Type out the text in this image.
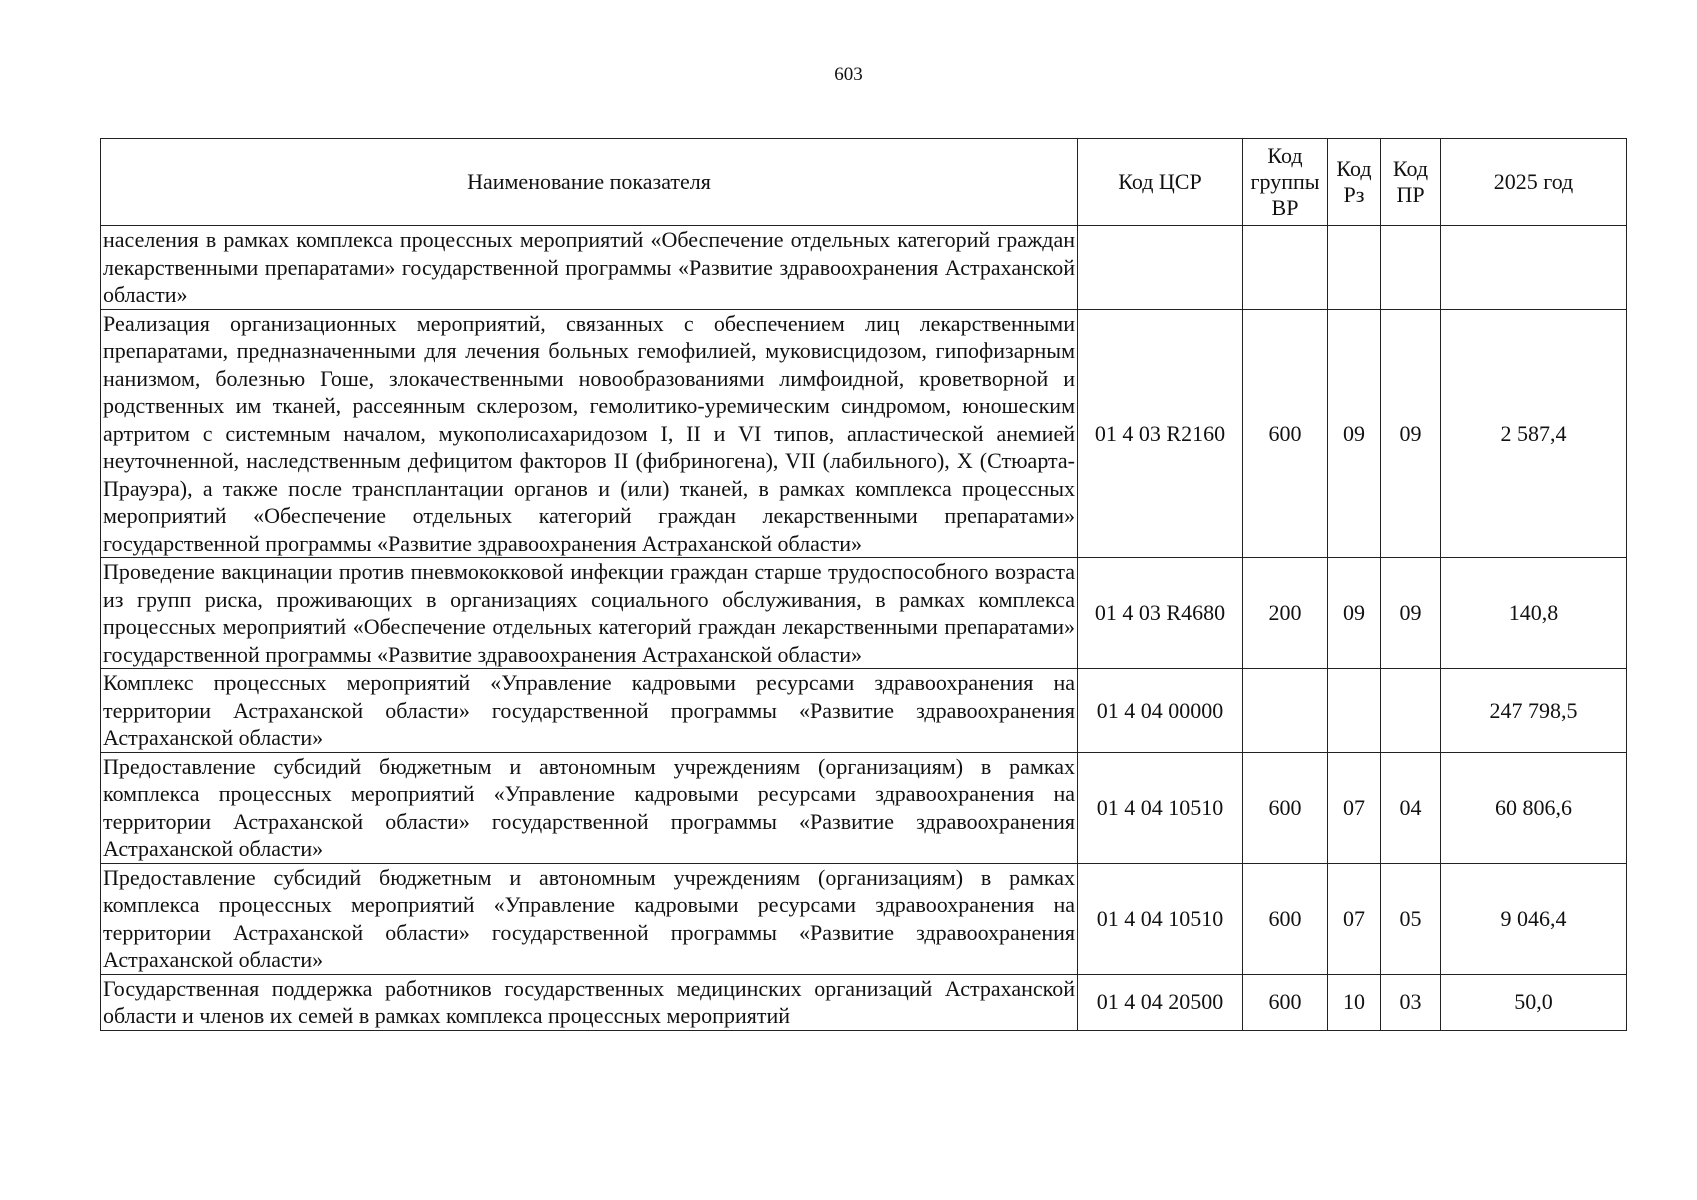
603
Наименование показателя	Код ЦСР	Код группы ВР	Код Рз	Код ПР	2025 год
населения в рамках комплекса процессных мероприятий «Обеспечение отдельных категорий граждан лекарственными препаратами» государственной программы «Развитие здравоохранения Астраханской области»					
Реализация организационных мероприятий, связанных с обеспечением лиц лекарственными препаратами, предназначенными для лечения больных гемофилией, муковисцидозом, гипофизарным нанизмом, болезнью Гоше, злокачественными новообразованиями лимфоидной, кроветворной и родственных им тканей, рассеянным склерозом, гемолитико-уремическим синдромом, юношеским артритом с системным началом, мукополисахаридозом I, II и VI типов, апластической анемией неуточненной, наследственным дефицитом факторов II (фибриногена), VII (лабильного), X (Стюарта-Прауэра), а также после трансплантации органов и (или) тканей, в рамках комплекса процессных мероприятий «Обеспечение отдельных категорий граждан лекарственными препаратами» государственной программы «Развитие здравоохранения Астраханской области»	01 4 03 R2160	600	09	09	2 587,4
Проведение вакцинации против пневмококковой инфекции граждан старше трудоспособного возраста из групп риска, проживающих в организациях социального обслуживания, в рамках комплекса процессных мероприятий «Обеспечение отдельных категорий граждан лекарственными препаратами» государственной программы «Развитие здравоохранения Астраханской области»	01 4 03 R4680	200	09	09	140,8
Комплекс процессных мероприятий «Управление кадровыми ресурсами здравоохранения на территории Астраханской области» государственной программы «Развитие здравоохранения Астраханской области»	01 4 04 00000				247 798,5
Предоставление субсидий бюджетным и автономным учреждениям (организациям) в рамках комплекса процессных мероприятий «Управление кадровыми ресурсами здравоохранения на территории Астраханской области» государственной программы «Развитие здравоохранения Астраханской области»	01 4 04 10510	600	07	04	60 806,6
Предоставление субсидий бюджетным и автономным учреждениям (организациям) в рамках комплекса процессных мероприятий «Управление кадровыми ресурсами здравоохранения на территории Астраханской области» государственной программы «Развитие здравоохранения Астраханской области»	01 4 04 10510	600	07	05	9 046,4

Государственная поддержка работников государственных медицинских организаций Астраханской области и членов их семей в рамках комплекса процессных мероприятий	01 4 04 20500	600	10	03	50,0
